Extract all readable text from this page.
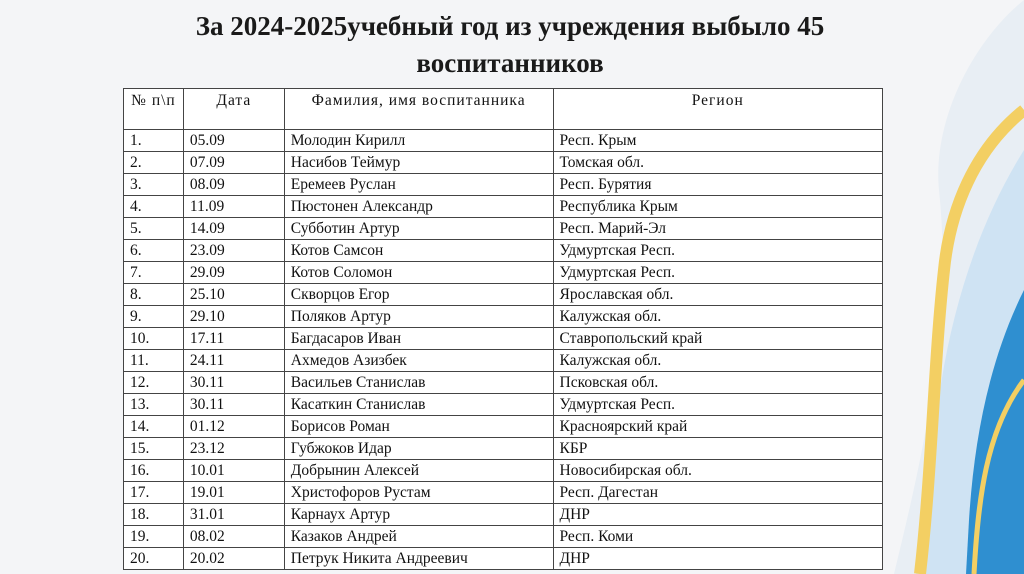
За 2024-2025учебный год из учреждения выбыло 45 воспитанников
№ п\п	Дата	Фамилия, имя воспитанника	Регион
1.	05.09	Молодин Кирилл	Респ. Крым
2.	07.09	Насибов Теймур	Томская обл.
3.	08.09	Еремеев Руслан	Респ. Бурятия
4.	11.09	Пюстонен Александр	Республика Крым
5.	14.09	Субботин Артур	Респ. Марий-Эл
6.	23.09	Котов Самсон	Удмуртская Респ.
7.	29.09	Котов Соломон	Удмуртская Респ.
8.	25.10	Скворцов Егор	Ярославская обл.
9.	29.10	Поляков Артур	Калужская обл.
10.	17.11	Багдасаров Иван	Ставропольский край
11.	24.11	Ахмедов Азизбек	Калужская обл.
12.	30.11	Васильев Станислав	Псковская обл.
13.	30.11	Касаткин Станислав	Удмуртская Респ.
14.	01.12	Борисов Роман	Красноярский край
15.	23.12	Губжоков Идар	КБР
16.	10.01	Добрынин Алексей	Новосибирская обл.
17.	19.01	Христофоров Рустам	Респ. Дагестан
18.	31.01	Карнаух Артур	ДНР
19.	08.02	Казаков Андрей	Респ. Коми
20.	20.02	Петрук Никита Андреевич	ДНР
